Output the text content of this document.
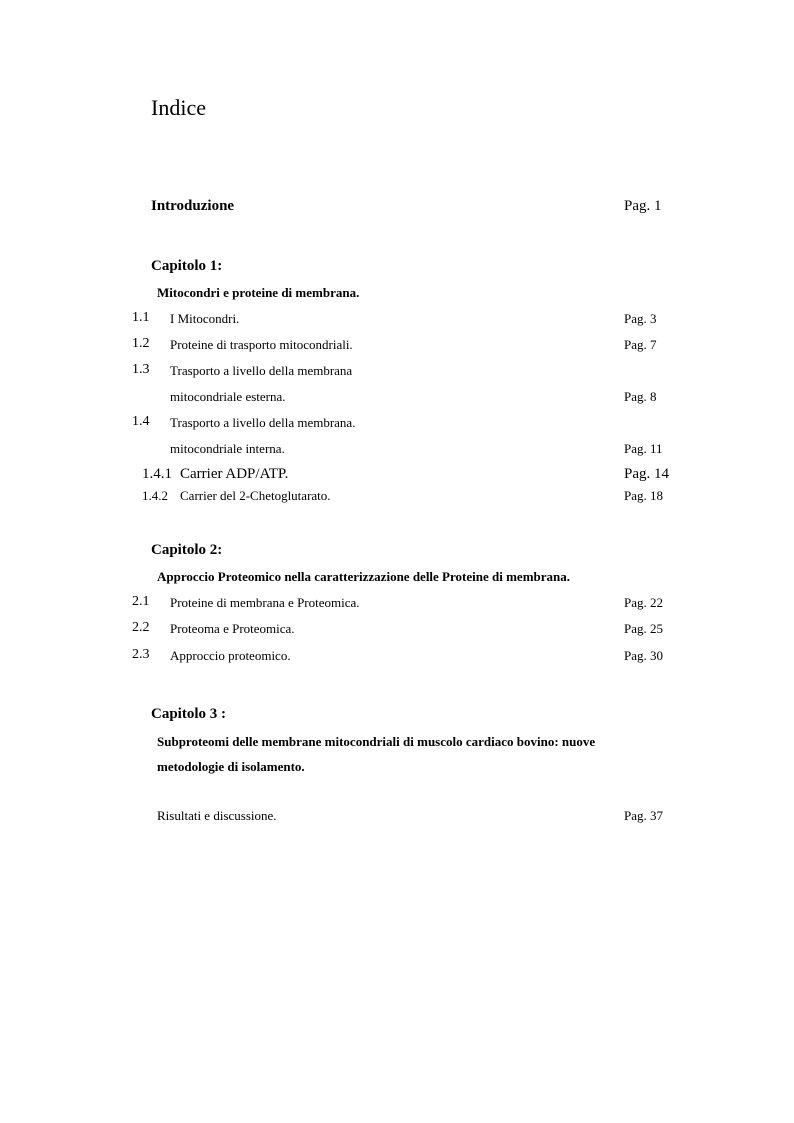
Indice
Introduzione	Pag. 1
Capitolo 1:
Mitocondri e proteine di membrana.
1.1 I Mitocondri.	Pag. 3
1.2 Proteine di trasporto mitocondriali.	Pag. 7
1.3 Trasporto a livello della membrana
mitocondriale esterna.	Pag. 8
1.4 Trasporto a livello della membrana.
mitocondriale interna.	Pag. 11
1.4.1 Carrier ADP/ATP.	Pag. 14
1.4.2 Carrier del 2-Chetoglutarato.	Pag. 18
Capitolo 2:
Approccio Proteomico nella caratterizzazione delle Proteine di membrana.
2.1 Proteine di membrana e Proteomica.	Pag. 22
2.2 Proteoma e Proteomica.	Pag. 25
2.3 Approccio proteomico.	Pag. 30
Capitolo 3 :
Subproteomi delle membrane mitocondriali di muscolo cardiaco bovino: nuove
metodologie di isolamento.
Risultati e discussione.	Pag. 37
